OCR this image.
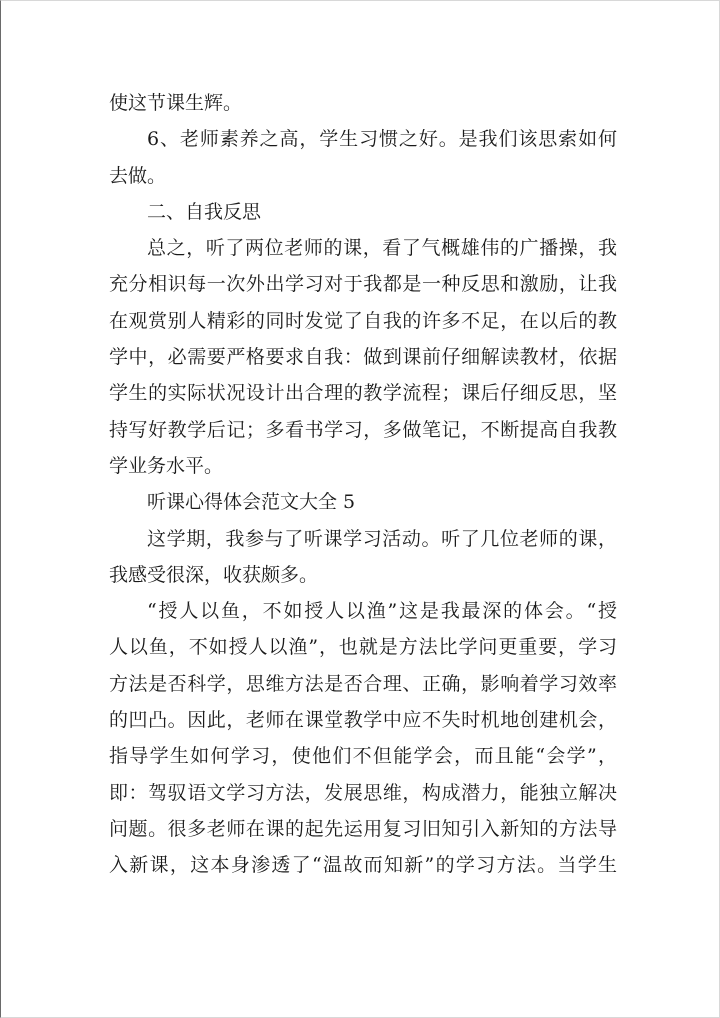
使这节课生辉。
6、老师素养之高，学生习惯之好。是我们该思索如何
去做。
二、自我反思
总之，听了两位老师的课，看了气概雄伟的广播操，我
充分相识每一次外出学习对于我都是一种反思和激励，让我
在观赏别人精彩的同时发觉了自我的许多不足，在以后的教
学中，必需要严格要求自我：做到课前仔细解读教材，依据
学生的实际状况设计出合理的教学流程；课后仔细反思，坚
持写好教学后记；多看书学习，多做笔记，不断提高自我教
学业务水平。
听课心得体会范文大全 5
这学期，我参与了听课学习活动。听了几位老师的课，
我感受很深，收获颇多。
“授人以鱼，不如授人以渔”这是我最深的体会。“授
人以鱼，不如授人以渔”，也就是方法比学问更重要，学习
方法是否科学，思维方法是否合理、正确，影响着学习效率
的凹凸。因此，老师在课堂教学中应不失时机地创建机会，
指导学生如何学习，使他们不但能学会，而且能“会学”，
即：驾驭语文学习方法，发展思维，构成潜力，能独立解决
问题。很多老师在课的起先运用复习旧知引入新知的方法导
入新课，这本身渗透了“温故而知新”的学习方法。当学生
